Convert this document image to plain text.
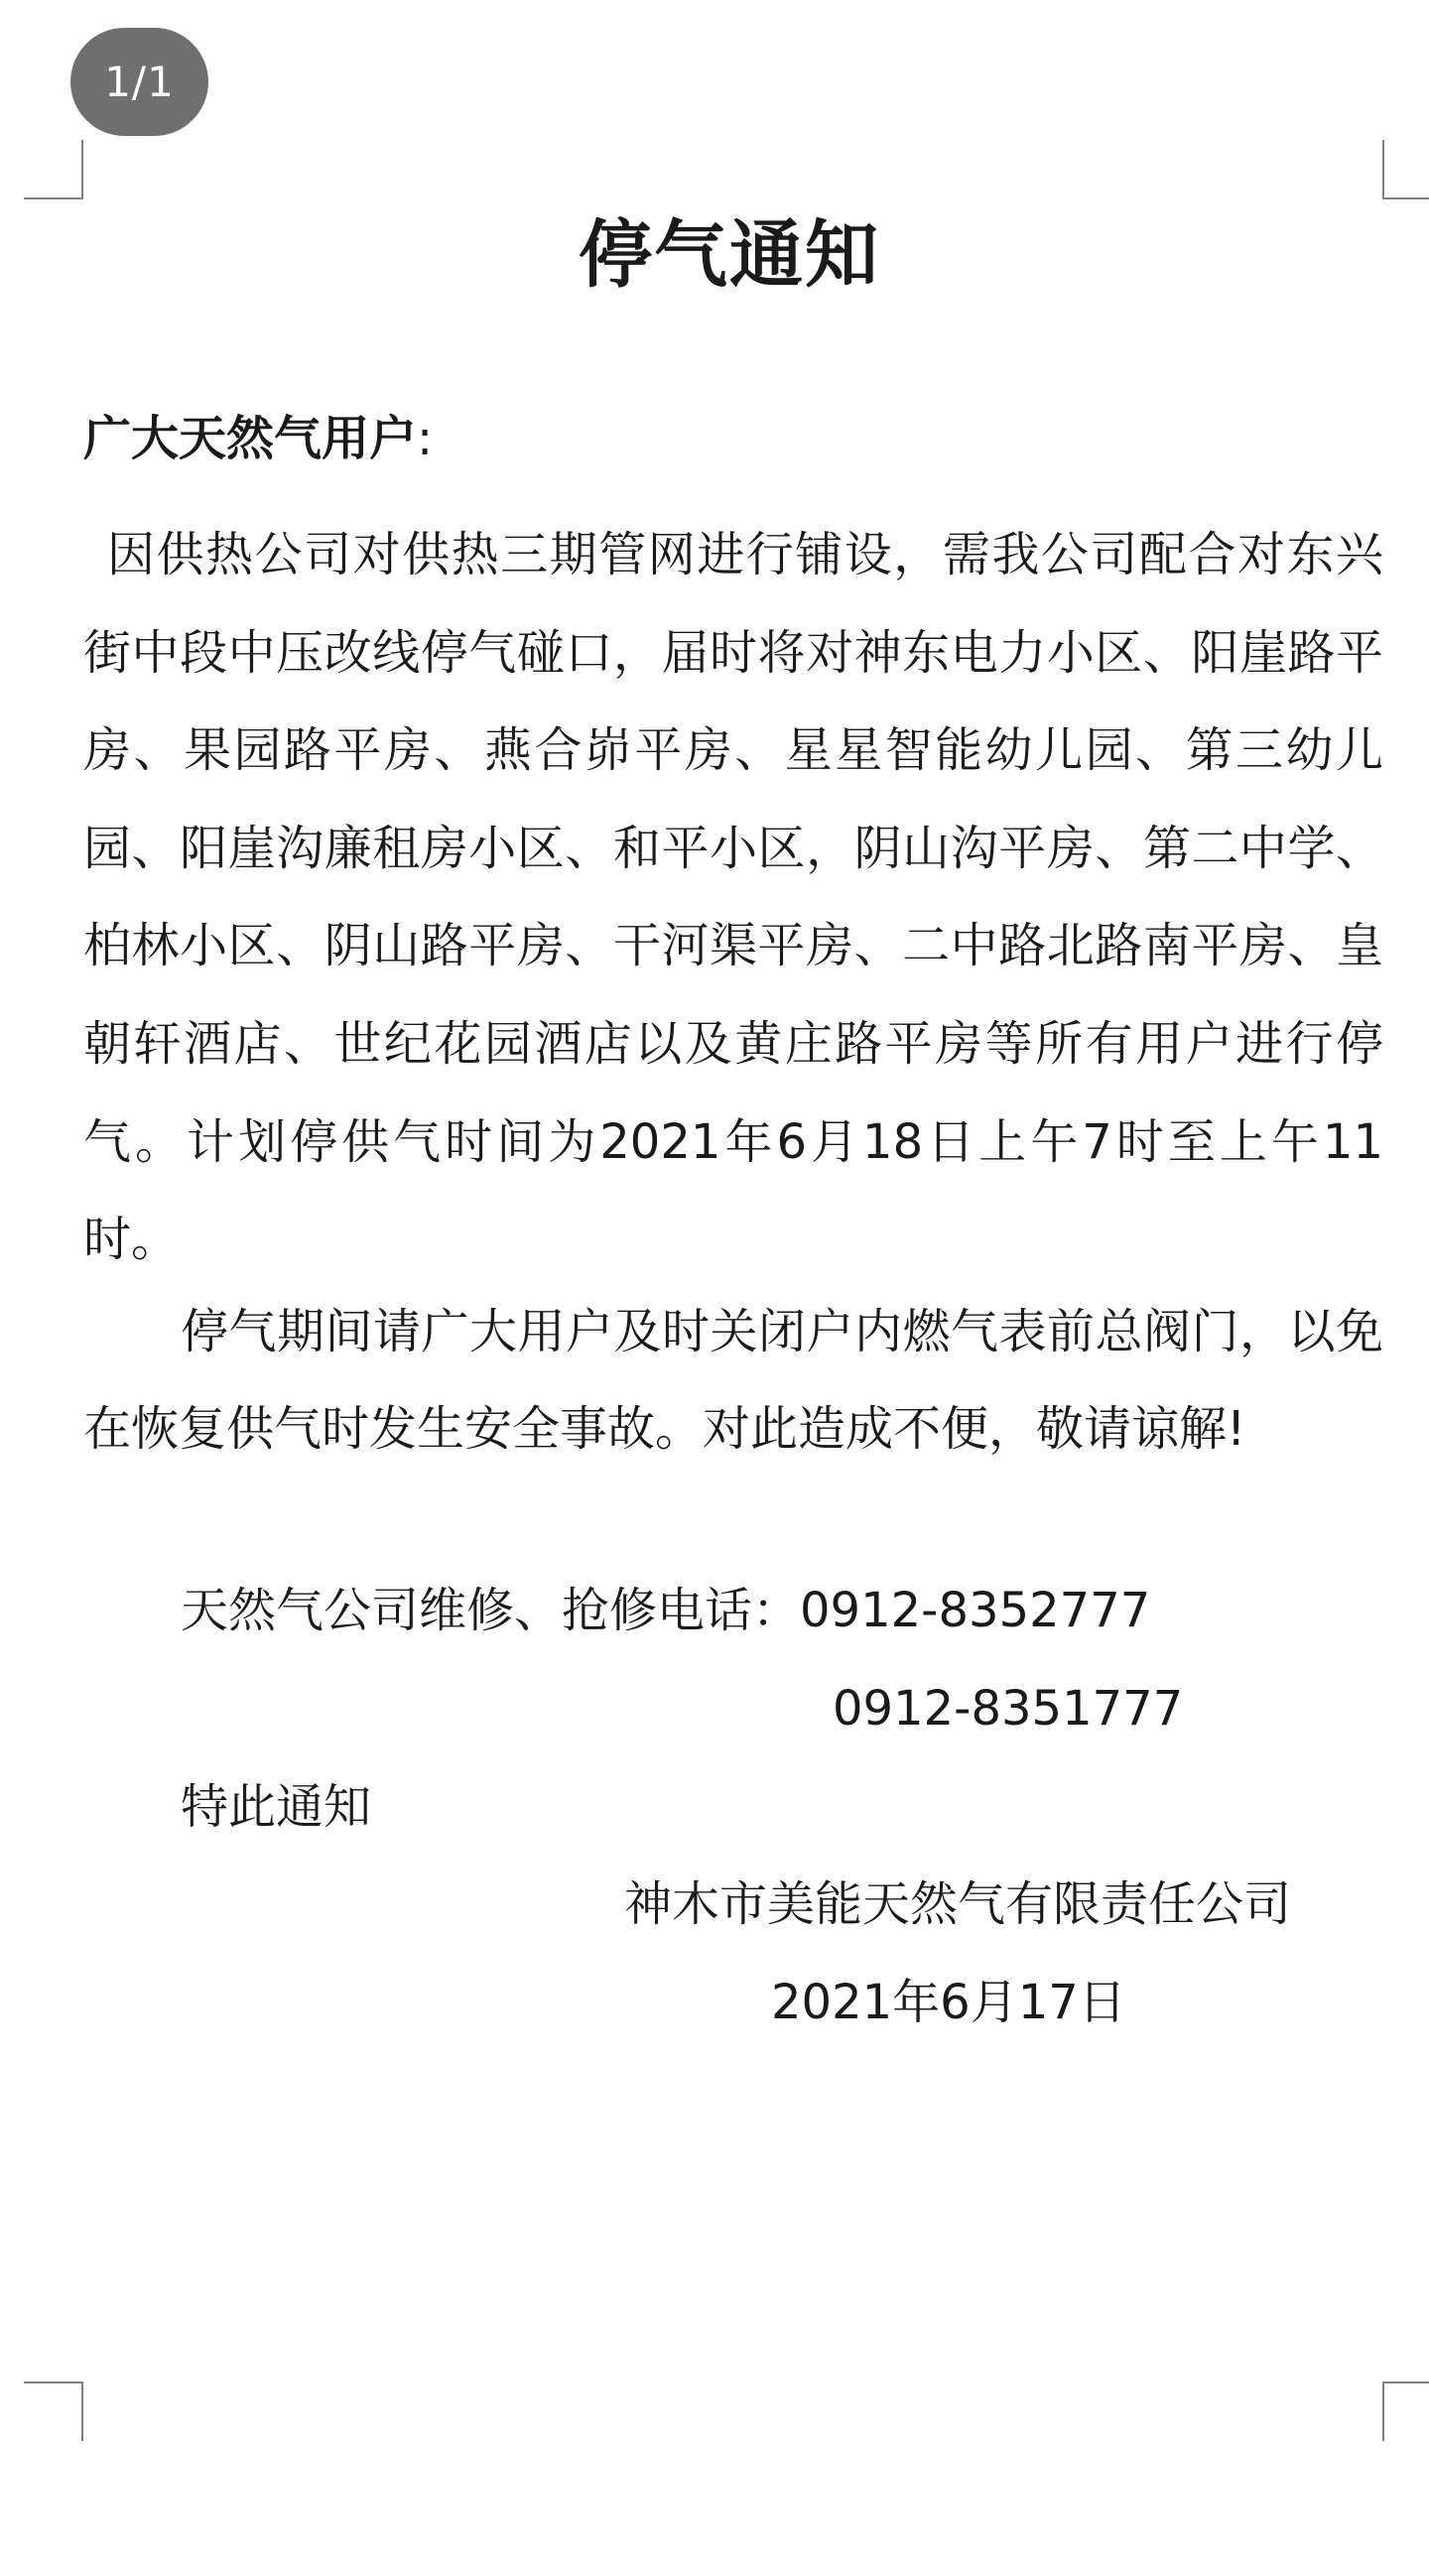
1/1
停气通知
广大天然气用户:
因供热公司对供热三期管网进行铺设，需我公司配合对东兴街中段中压改线停气碰口，届时将对神东电力小区、阳崖路平房、果园路平房、燕合峁平房、星星智能幼儿园、第三幼儿园、阳崖沟廉租房小区、和平小区，阴山沟平房、第二中学、柏林小区、阴山路平房、干河渠平房、二中路北路南平房、皇朝轩酒店、世纪花园酒店以及黄庄路平房等所有用户进行停气。计划停供气时间为2021年6月18日上午7时至上午11时。
停气期间请广大用户及时关闭户内燃气表前总阀门，以免在恢复供气时发生安全事故。对此造成不便，敬请谅解!
天然气公司维修、抢修电话：0912-8352777
0912-8351777
特此通知
神木市美能天然气有限责任公司
2021年6月17日
